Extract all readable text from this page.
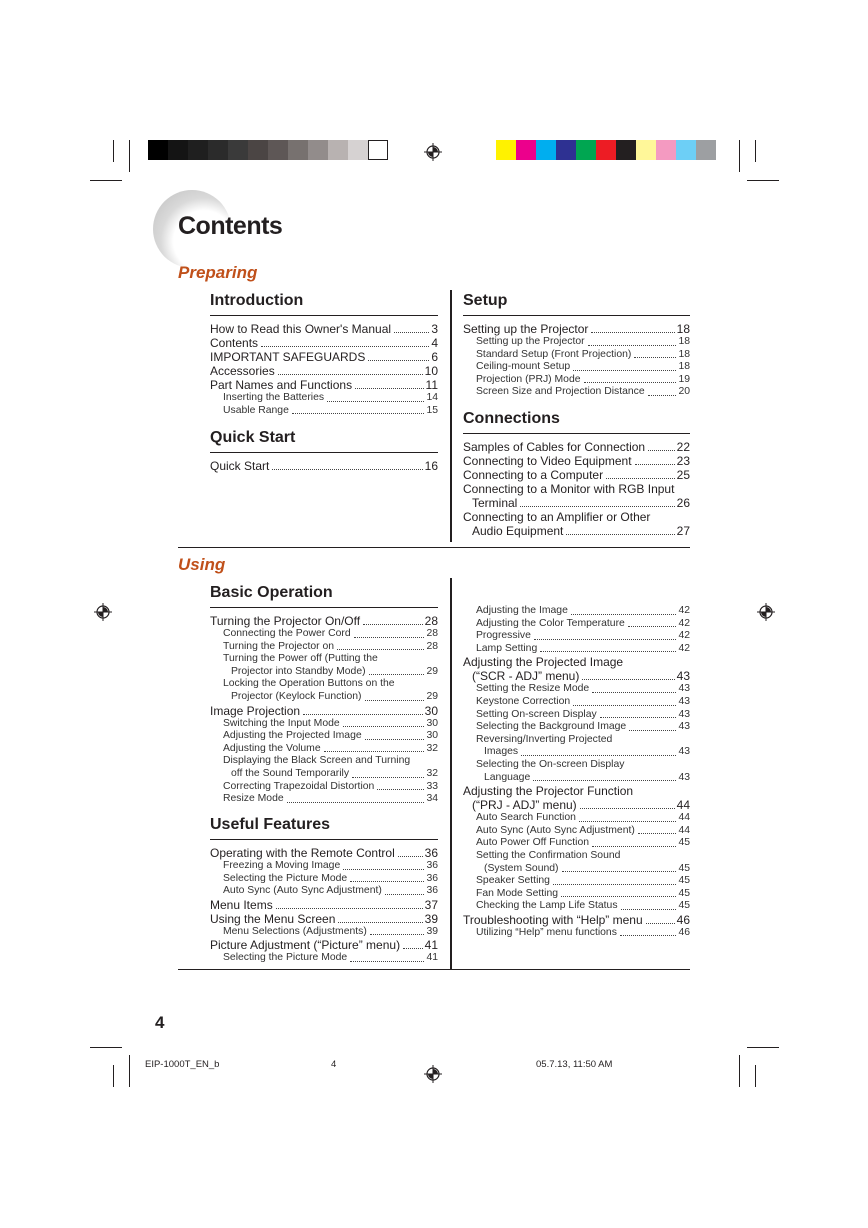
Contents
Preparing
Using
Introduction
How to Read this Owner's Manual	3
Contents	4
IMPORTANT SAFEGUARDS	6
Accessories	10
Part Names and Functions	11
Inserting the Batteries	14
Usable Range	15
Quick Start
Quick Start	16
Setup
Setting up the Projector	18
Setting up the Projector	18
Standard Setup (Front Projection)	18
Ceiling-mount Setup	18
Projection (PRJ) Mode	19
Screen Size and Projection Distance	20
Connections
Samples of Cables for Connection	22
Connecting to Video Equipment	23
Connecting to a Computer	25
Connecting to a Monitor with RGB Input
Terminal	26
Connecting to an Amplifier or Other
Audio Equipment	27
Basic Operation
Turning the Projector On/Off	28
Connecting the Power Cord	28
Turning the Projector on	28
Turning the Power off (Putting the
Projector into Standby Mode)	29
Locking the Operation Buttons on the
Projector (Keylock Function)	29
Image Projection	30
Switching the Input Mode	30
Adjusting the Projected Image	30
Adjusting the Volume	32
Displaying the Black Screen and Turning
off the Sound Temporarily	32
Correcting Trapezoidal Distortion	33
Resize Mode	34
Useful Features
Operating with the Remote Control 36
Freezing a Moving Image	36
Selecting the Picture Mode	36
Auto Sync (Auto Sync Adjustment)	36
Menu Items	37
Using the Menu Screen	39
Menu Selections (Adjustments)	39
Picture Adjustment (“Picture” menu) 41
Selecting the Picture Mode	41
Adjusting the Image	42
Adjusting the Color Temperature	42
Progressive	42
Lamp Setting	42
Adjusting the Projected Image
(“SCR - ADJ” menu)	43
Setting the Resize Mode	43
Keystone Correction	43
Setting On-screen Display	43
Selecting the Background Image	43
Reversing/Inverting Projected
Images	43
Selecting the On-screen Display
Language	43
Adjusting the Projector Function
(“PRJ - ADJ” menu)	44
Auto Search Function	44
Auto Sync (Auto Sync Adjustment)	44
Auto Power Off Function	45
Setting the Confirmation Sound
(System Sound)	45
Speaker Setting	45
Fan Mode Setting	45
Checking the Lamp Life Status	45
Troubleshooting with “Help” menu	46
Utilizing “Help” menu functions	46
4
EIP-1000T_EN_b	4	05.7.13, 11:50 AM
